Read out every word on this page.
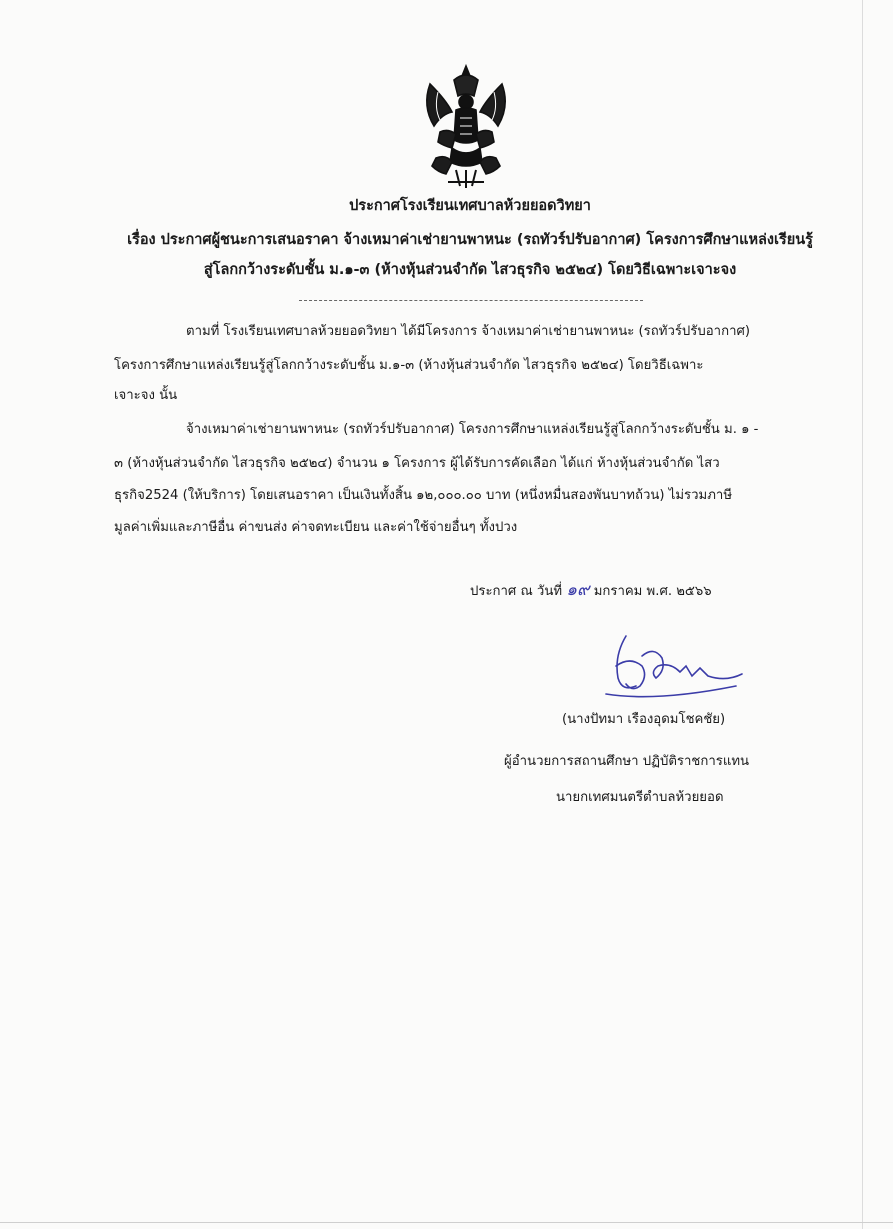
ประกาศโรงเรียนเทศบาลห้วยยอดวิทยา
เรื่อง ประกาศผู้ชนะการเสนอราคา จ้างเหมาค่าเช่ายานพาหนะ (รถทัวร์ปรับอากาศ) โครงการศึกษาแหล่งเรียนรู้
สู่โลกกว้างระดับชั้น ม.๑-๓ (ห้างหุ้นส่วนจำกัด ไสวธุรกิจ ๒๕๒๔) โดยวิธีเฉพาะเจาะจง
ตามที่ โรงเรียนเทศบาลห้วยยอดวิทยา ได้มีโครงการ จ้างเหมาค่าเช่ายานพาหนะ (รถทัวร์ปรับอากาศ)
โครงการศึกษาแหล่งเรียนรู้สู่โลกกว้างระดับชั้น ม.๑-๓ (ห้างหุ้นส่วนจำกัด ไสวธุรกิจ ๒๕๒๔) โดยวิธีเฉพาะ
เจาะจง นั้น
จ้างเหมาค่าเช่ายานพาหนะ (รถทัวร์ปรับอากาศ) โครงการศึกษาแหล่งเรียนรู้สู่โลกกว้างระดับชั้น ม. ๑ -
๓ (ห้างหุ้นส่วนจำกัด ไสวธุรกิจ ๒๕๒๔) จำนวน ๑ โครงการ ผู้ได้รับการคัดเลือก ได้แก่ ห้างหุ้นส่วนจำกัด ไสว
ธุรกิจ2524 (ให้บริการ) โดยเสนอราคา เป็นเงินทั้งสิ้น ๑๒,๐๐๐.๐๐ บาท (หนึ่งหมื่นสองพันบาทถ้วน) ไม่รวมภาษี
มูลค่าเพิ่มและภาษีอื่น ค่าขนส่ง ค่าจดทะเบียน และค่าใช้จ่ายอื่นๆ ทั้งปวง
ประกาศ ณ วันที่ ๑๙ มกราคม พ.ศ. ๒๕๖๖
(นางปัทมา เรืองอุดมโชคชัย)
ผู้อำนวยการสถานศึกษา ปฏิบัติราชการแทน
นายกเทศมนตรีตำบลห้วยยอด
